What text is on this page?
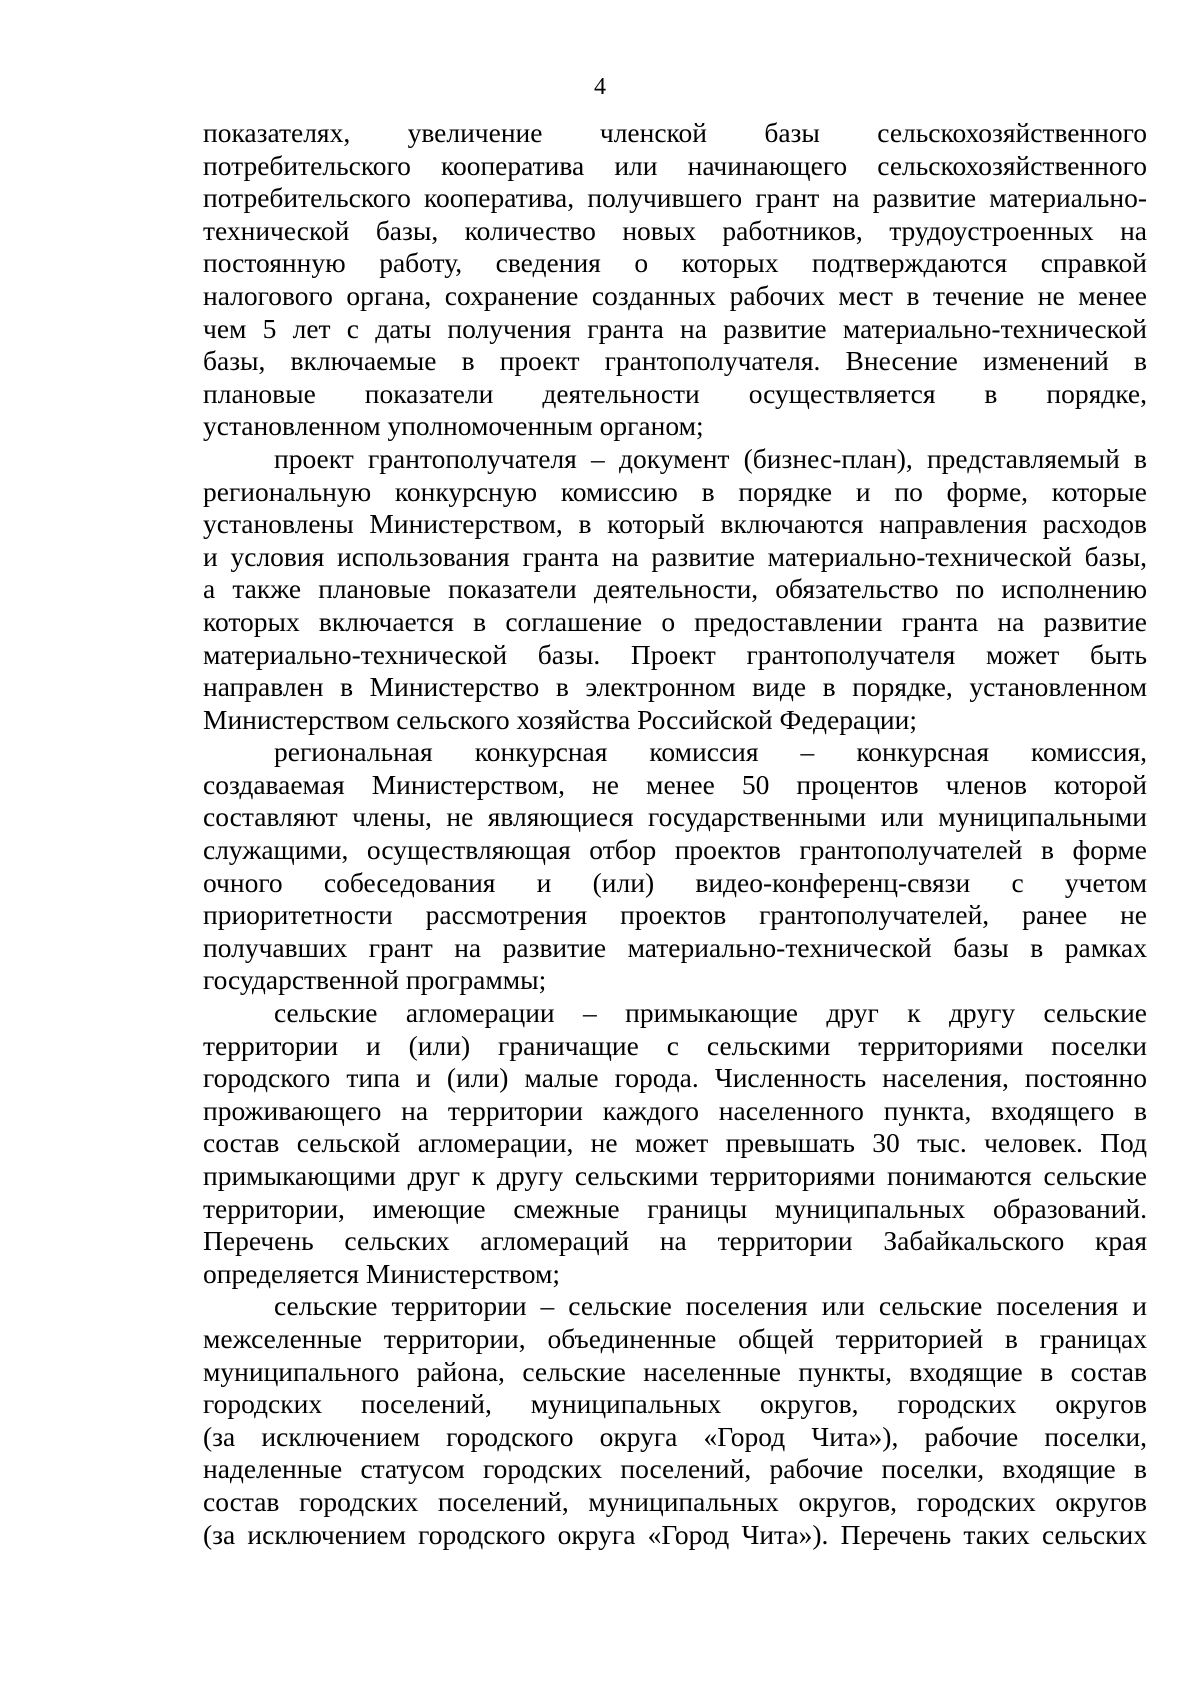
4
показателях, увеличение членской базы сельскохозяйственного
потребительского кооператива или начинающего сельскохозяйственного
потребительского кооператива, получившего грант на развитие материально-
технической базы, количество новых работников, трудоустроенных на
постоянную работу, сведения о которых подтверждаются справкой
налогового органа, сохранение созданных рабочих мест в течение не менее
чем 5 лет с даты получения гранта на развитие материально-технической
базы, включаемые в проект грантополучателя. Внесение изменений в
плановые показатели деятельности осуществляется в порядке,
установленном уполномоченным органом;
проект грантополучателя – документ (бизнес-план), представляемый в
региональную конкурсную комиссию в порядке и по форме, которые
установлены Министерством, в который включаются направления расходов
и условия использования гранта на развитие материально-технической базы,
а также плановые показатели деятельности, обязательство по исполнению
которых включается в соглашение о предоставлении гранта на развитие
материально-технической базы. Проект грантополучателя может быть
направлен в Министерство в электронном виде в порядке, установленном
Министерством сельского хозяйства Российской Федерации;
региональная конкурсная комиссия – конкурсная комиссия,
создаваемая Министерством, не менее 50 процентов членов которой
составляют члены, не являющиеся государственными или муниципальными
служащими, осуществляющая отбор проектов грантополучателей в форме
очного собеседования и (или) видео-конференц-связи с учетом
приоритетности рассмотрения проектов грантополучателей, ранее не
получавших грант на развитие материально-технической базы в рамках
государственной программы;
сельские агломерации – примыкающие друг к другу сельские
территории и (или) граничащие с сельскими территориями поселки
городского типа и (или) малые города. Численность населения, постоянно
проживающего на территории каждого населенного пункта, входящего в
состав сельской агломерации, не может превышать 30 тыс. человек. Под
примыкающими друг к другу сельскими территориями понимаются сельские
территории, имеющие смежные границы муниципальных образований.
Перечень сельских агломераций на территории Забайкальского края
определяется Министерством;
сельские территории – сельские поселения или сельские поселения и
межселенные территории, объединенные общей территорией в границах
муниципального района, сельские населенные пункты, входящие в состав
городских поселений, муниципальных округов, городских округов
(за исключением городского округа «Город Чита»), рабочие поселки,
наделенные статусом городских поселений, рабочие поселки, входящие в
состав городских поселений, муниципальных округов, городских округов
(за исключением городского округа «Город Чита»). Перечень таких сельских
